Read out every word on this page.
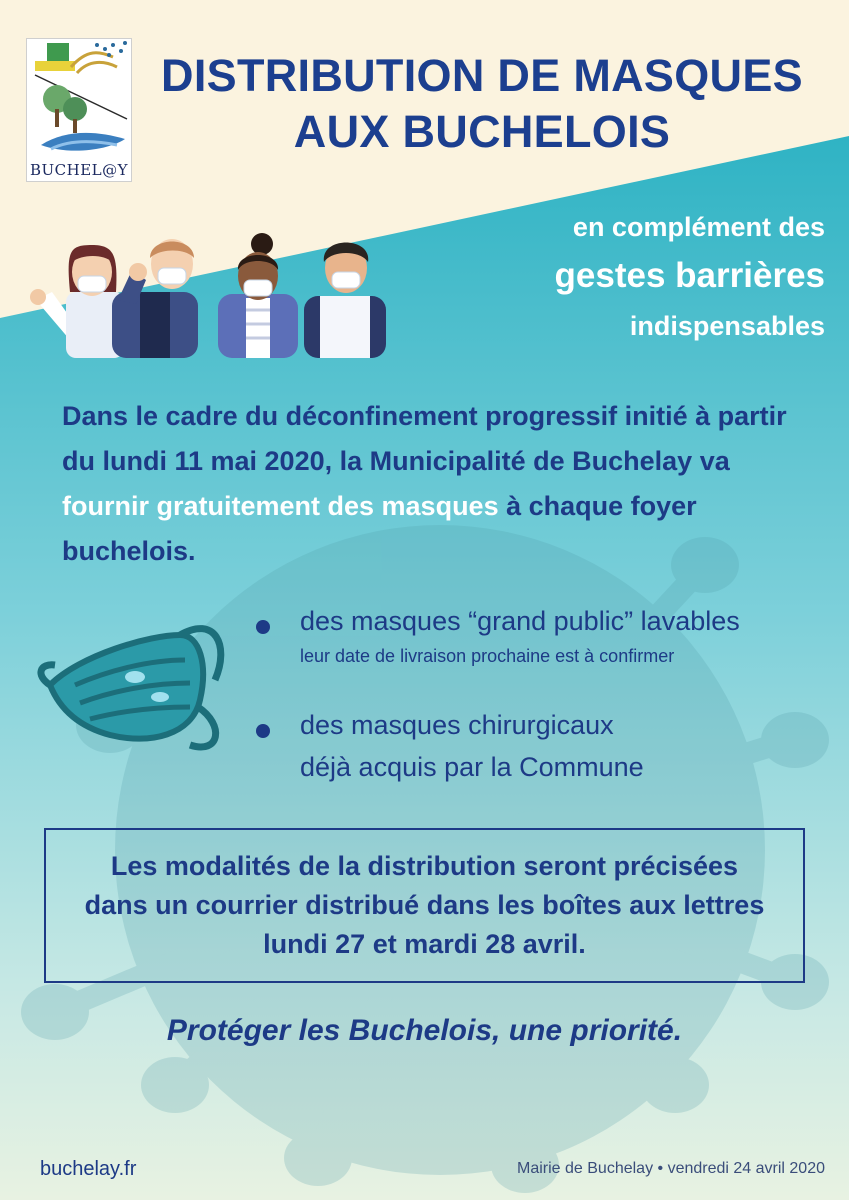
BUCHEL@Y
DISTRIBUTION DE MASQUES
AUX BUCHELOIS
en complément des
gestes barrières
indispensables
Dans le cadre du déconfinement progressif initié à partir du lundi 11 mai 2020, la Municipalité de Buchelay va fournir gratuitement des masques à chaque foyer buchelois.
des masques “grand public” lavables
leur date de livraison prochaine est à confirmer
des masques chirurgicaux
déjà acquis par la Commune
Les modalités de la distribution seront précisées
dans un courrier distribué dans les boîtes aux lettres
lundi 27 et mardi 28 avril.
Protéger les Buchelois, une priorité.
buchelay.fr	Mairie de Buchelay • vendredi 24 avril 2020
